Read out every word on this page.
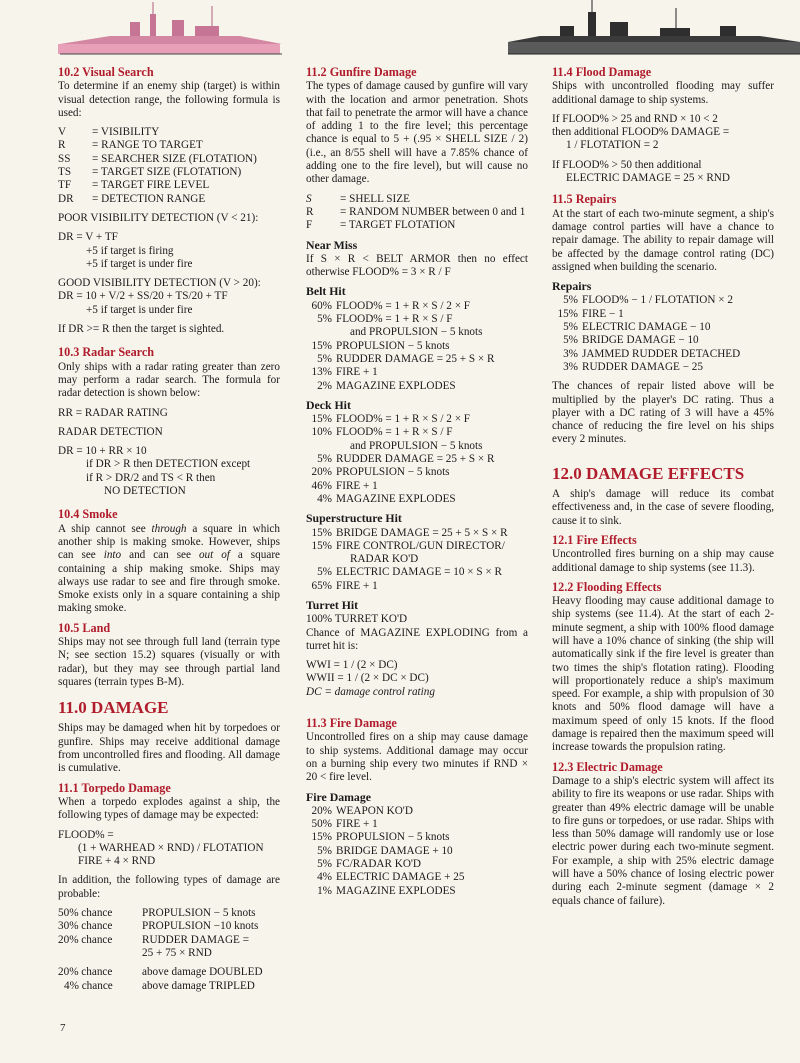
10.2 Visual Search

To determine if an enemy ship (target) is within visual detection range, the following formula is used:

V	= VISIBILITY
R	= RANGE TO TARGET
SS	= SEARCHER SIZE (FLOTATION)
TS	= TARGET SIZE (FLOTATION)
TF	= TARGET FIRE LEVEL
DR	= DETECTION RANGE
POOR VISIBILITY DETECTION (V < 21):
DR = V + TF
+5 if target is firing
+5 if target is under fire
GOOD VISIBILITY DETECTION (V > 20):
DR = 10 + V/2 + SS/20 + TS/20 + TF
+5 if target is under fire
If DR >= R then the target is sighted.
10.3 Radar Search

Only ships with a radar rating greater than zero may perform a radar search. The formula for radar detection is shown below:

RR = RADAR RATING
RADAR DETECTION
DR = 10 + RR × 10
if DR > R then DETECTION except
if R > DR/2 and TS < R then
NO DETECTION
10.4 Smoke

A ship cannot see through a square in which another ship is making smoke. However, ships can see into and can see out of a square containing a ship making smoke. Ships may always use radar to see and fire through smoke. Smoke exists only in a square containing a ship making smoke.

10.5 Land

Ships may not see through full land (terrain type N; see section 15.2) squares (visually or with radar), but they may see through partial land squares (terrain types B-M).

11.0 DAMAGE

Ships may be damaged when hit by torpedoes or gunfire. Ships may receive additional damage from uncontrolled fires and flooding. All damage is cumulative.

11.1 Torpedo Damage

When a torpedo explodes against a ship, the following types of damage may be expected:

FLOOD% =
(1 + WARHEAD × RND) / FLOTATION
FIRE + 4 × RND

In addition, the following types of damage are probable:

50% chance	PROPULSION − 5 knots
30% chance	PROPULSION −10 knots
20% chance	RUDDER DAMAGE =
25 + 75 × RND
20% chance	above damage DOUBLED
4% chance	above damage TRIPLED
11.2 Gunfire Damage

The types of damage caused by gunfire will vary with the location and armor penetration. Shots that fail to penetrate the armor will have a chance of adding 1 to the fire level; this percentage chance is equal to 5 + (.95 × SHELL SIZE / 2) (i.e., an 8/55 shell will have a 7.85% chance of adding one to the fire level), but will cause no other damage.

S	= SHELL SIZE
R	= RANDOM NUMBER between 0 and 1
F	= TARGET FLOTATION
Near Miss

If S × R < BELT ARMOR then no effect otherwise FLOOD% = 3 × R / F

Belt Hit
60% FLOOD% = 1 + R × S / 2 × F
5% FLOOD% = 1 + R × S / F
and PROPULSION − 5 knots
15% PROPULSION − 5 knots
5% RUDDER DAMAGE = 25 + S × R
13% FIRE + 1
2% MAGAZINE EXPLODES
Deck Hit
15% FLOOD% = 1 + R × S / 2 × F
10% FLOOD% = 1 + R × S / F
and PROPULSION − 5 knots
5% RUDDER DAMAGE = 25 + S × R
20% PROPULSION − 5 knots
46% FIRE + 1
4% MAGAZINE EXPLODES
Superstructure Hit
15% BRIDGE DAMAGE = 25 + 5 × S × R
15% FIRE CONTROL/GUN DIRECTOR/
RADAR KO'D
5% ELECTRIC DAMAGE = 10 × S × R
65% FIRE + 1
Turret Hit
100% TURRET KO'D

Chance of MAGAZINE EXPLODING from a turret hit is:

WWI = 1 / (2 × DC)
WWII = 1 / (2 × DC × DC)
DC = damage control rating
11.3 Fire Damage

Uncontrolled fires on a ship may cause damage to ship systems. Additional damage may occur on a burning ship every two minutes if RND × 20 < fire level.

Fire Damage
20% WEAPON KO'D
50% FIRE + 1
15% PROPULSION − 5 knots
5% BRIDGE DAMAGE + 10
5% FC/RADAR KO'D
4% ELECTRIC DAMAGE + 25
1% MAGAZINE EXPLODES
11.4 Flood Damage

Ships with uncontrolled flooding may suffer additional damage to ship systems.

If FLOOD% > 25 and RND × 10 < 2
then additional FLOOD% DAMAGE =
1 / FLOTATION = 2
If FLOOD% > 50 then additional
ELECTRIC DAMAGE = 25 × RND
11.5 Repairs

At the start of each two-minute segment, a ship's damage control parties will have a chance to repair damage. The ability to repair damage will be affected by the damage control rating (DC) assigned when building the scenario.

Repairs
5% FLOOD% − 1 / FLOTATION × 2
15% FIRE − 1
5% ELECTRIC DAMAGE − 10
5% BRIDGE DAMAGE − 10
3% JAMMED RUDDER DETACHED
3% RUDDER DAMAGE − 25

The chances of repair listed above will be multiplied by the player's DC rating. Thus a player with a DC rating of 3 will have a 45% chance of reducing the fire level on his ships every 2 minutes.

12.0 DAMAGE EFFECTS

A ship's damage will reduce its combat effectiveness and, in the case of severe flooding, cause it to sink.

12.1 Fire Effects

Uncontrolled fires burning on a ship may cause additional damage to ship systems (see 11.3).

12.2 Flooding Effects

Heavy flooding may cause additional damage to ship systems (see 11.4). At the start of each 2-minute segment, a ship with 100% flood damage will have a 10% chance of sinking (the ship will automatically sink if the fire level is greater than two times the ship's flotation rating). Flooding will proportionately reduce a ship's maximum speed. For example, a ship with propulsion of 30 knots and 50% flood damage will have a maximum speed of only 15 knots. If the flood damage is repaired then the maximum speed will increase towards the propulsion rating.

12.3 Electric Damage

Damage to a ship's electric system will affect its ability to fire its weapons or use radar. Ships with greater than 49% electric damage will be unable to fire guns or torpedoes, or use radar. Ships with less than 50% damage will randomly use or lose electric power during each two-minute segment. For example, a ship with 25% electric damage will have a 50% chance of losing electric power during each 2-minute segment (damage × 2 equals chance of failure).

7
